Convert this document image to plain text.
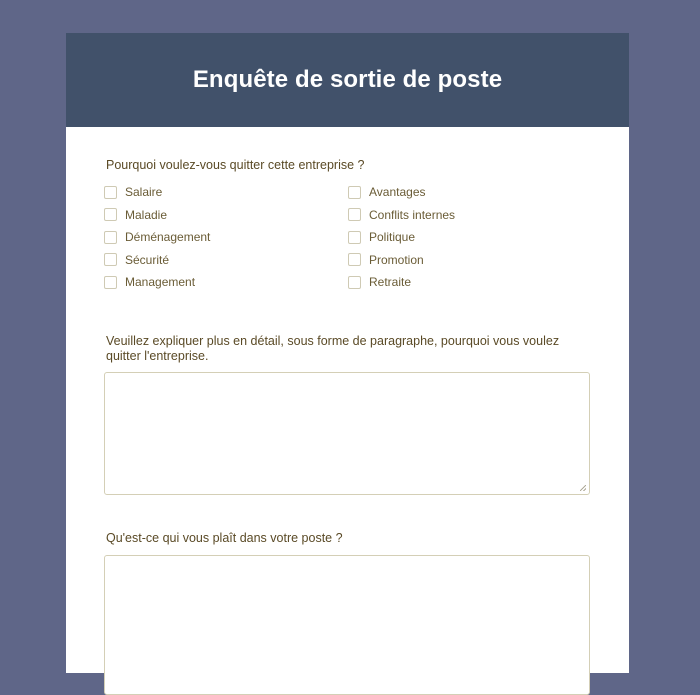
Enquête de sortie de poste
Pourquoi voulez-vous quitter cette entreprise ?
Salaire	Avantages
Maladie	Conflits internes
Déménagement	Politique
Sécurité	Promotion
Management	Retraite
Veuillez expliquer plus en détail, sous forme de paragraphe, pourquoi vous voulez quitter l'entreprise.
Qu'est-ce qui vous plaît dans votre poste ?
